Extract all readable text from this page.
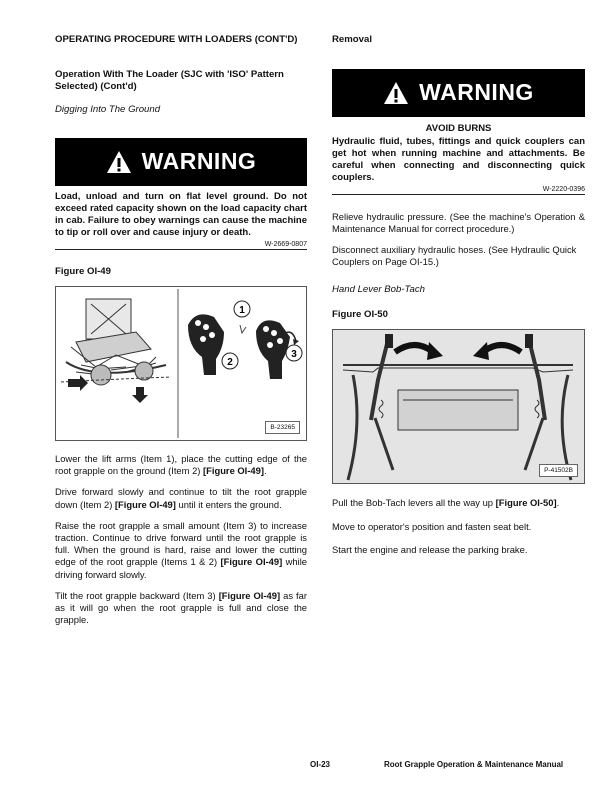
OPERATING PROCEDURE WITH LOADERS (CONT'D)
Operation With The Loader (SJC with 'ISO' Pattern Selected) (Cont'd)
Digging Into The Ground
WARNING
Load, unload and turn on flat level ground. Do not exceed rated capacity shown on the load capacity chart in cab. Failure to obey warnings can cause the machine to tip or roll over and cause injury or death.
W-2669-0807
Figure OI-49
1
2
3
B-23265
Lower the lift arms (Item 1), place the cutting edge of the root grapple on the ground (Item 2) [Figure OI-49].
Drive forward slowly and continue to tilt the root grapple down (Item 2) [Figure OI-49] until it enters the ground.
Raise the root grapple a small amount (Item 3) to increase traction. Continue to drive forward until the root grapple is full. When the ground is hard, raise and lower the cutting edge of the root grapple (Items 1 & 2) [Figure OI-49] while driving forward slowly.
Tilt the root grapple backward (Item 3) [Figure OI-49] as far as it will go when the root grapple is full and close the grapple.
Removal
WARNING
AVOID BURNS
Hydraulic fluid, tubes, fittings and quick couplers can get hot when running machine and attachments. Be careful when connecting and disconnecting quick couplers.
W-2220-0396
Relieve hydraulic pressure. (See the machine's Operation & Maintenance Manual for correct procedure.)
Disconnect auxiliary hydraulic hoses. (See Hydraulic Quick Couplers on Page OI-15.)
Hand Lever Bob-Tach
Figure OI-50
P-41502B
Pull the Bob-Tach levers all the way up [Figure OI-50].
Move to operator's position and fasten seat belt.
Start the engine and release the parking brake.
OI-23	Root Grapple Operation & Maintenance Manual
